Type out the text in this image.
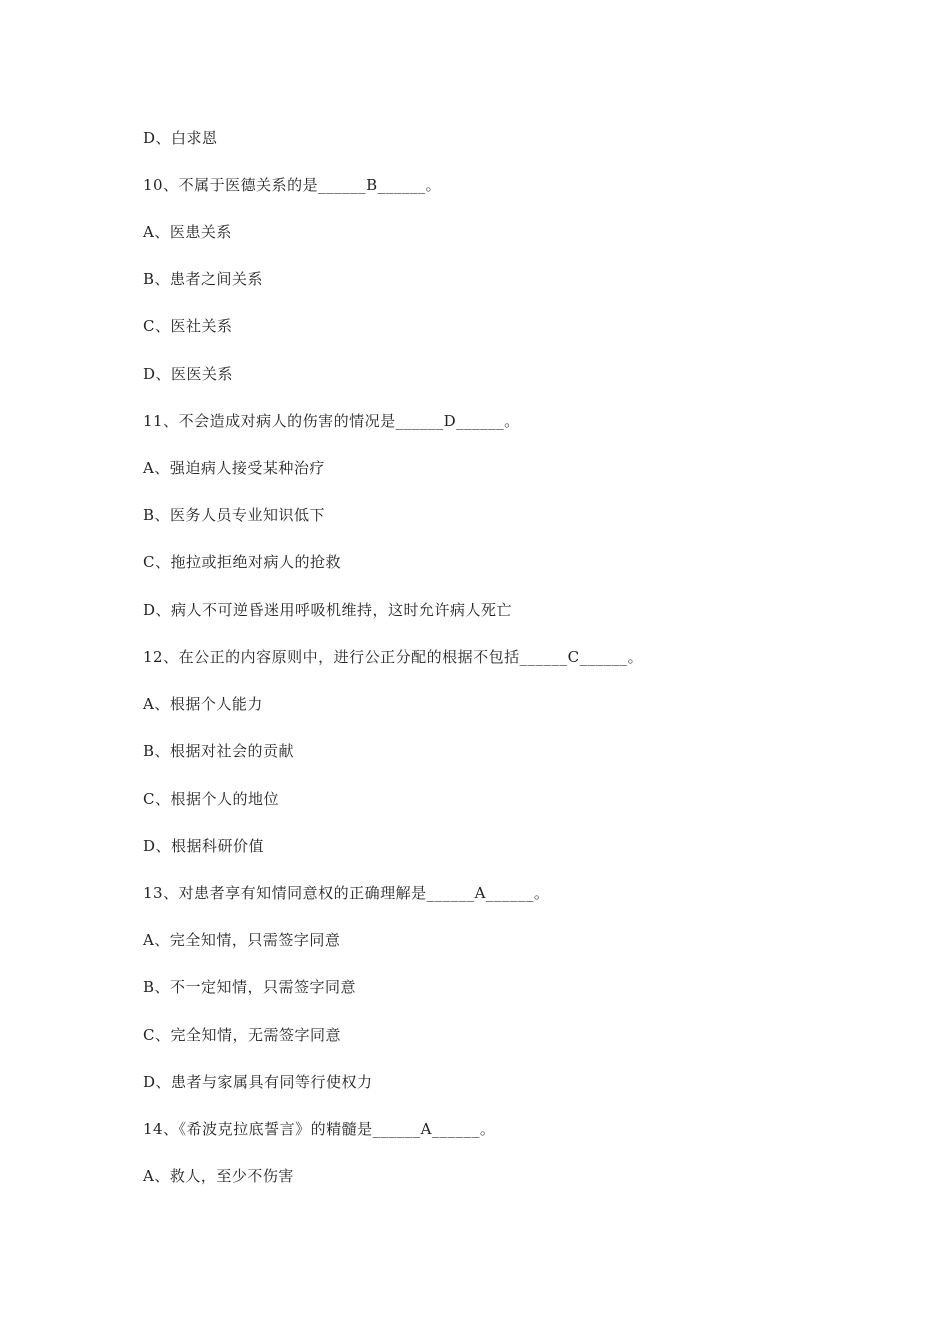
D、白求恩
10、不属于医德关系的是______B______。
A、医患关系
B、患者之间关系
C、医社关系
D、医医关系
11、不会造成对病人的伤害的情况是______D______。
A、强迫病人接受某种治疗
B、医务人员专业知识低下
C、拖拉或拒绝对病人的抢救
D、病人不可逆昏迷用呼吸机维持，这时允许病人死亡
12、在公正的内容原则中，进行公正分配的根据不包括______C______。
A、根据个人能力
B、根据对社会的贡献
C、根据个人的地位
D、根据科研价值
13、对患者享有知情同意权的正确理解是______A______。
A、完全知情，只需签字同意
B、不一定知情，只需签字同意
C、完全知情，无需签字同意
D、患者与家属具有同等行使权力
14、《希波克拉底誓言》的精髓是______A______。
A、救人，至少不伤害
